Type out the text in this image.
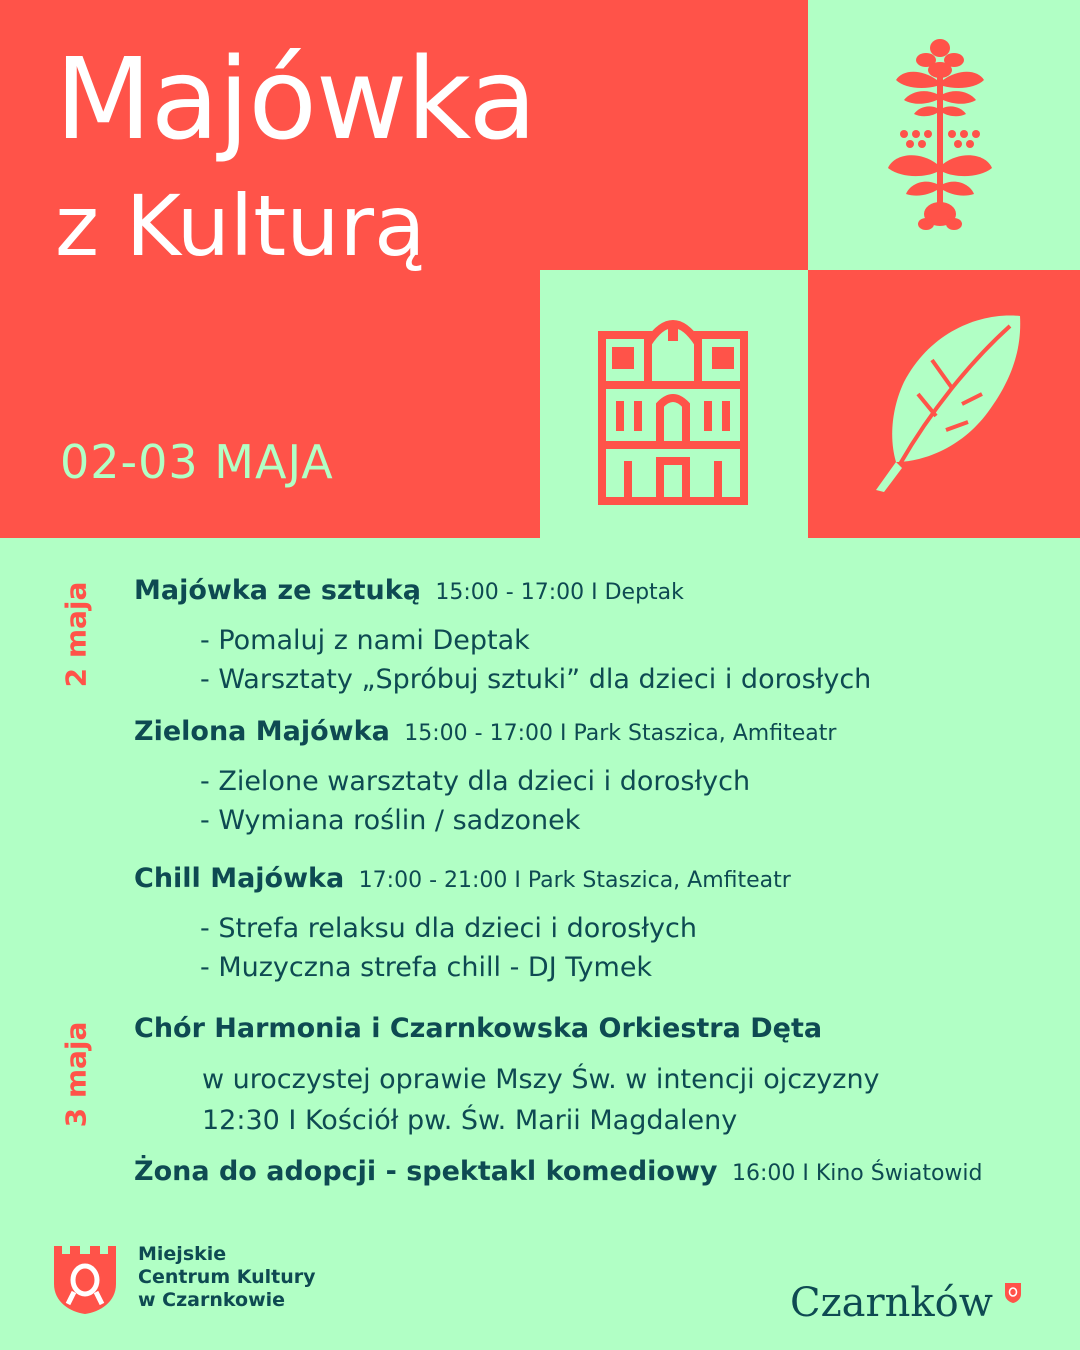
Majówka
z Kulturą
02-03 MAJA
2 maja
3 maja
Majówka ze sztuką 15:00 - 17:00 I Deptak
- Pomaluj z nami Deptak
- Warsztaty „Spróbuj sztuki” dla dzieci i dorosłych
Zielona Majówka 15:00 - 17:00 I Park Staszica, Amfiteatr
- Zielone warsztaty dla dzieci i dorosłych
- Wymiana roślin / sadzonek
Chill Majówka 17:00 - 21:00 I Park Staszica, Amfiteatr
- Strefa relaksu dla dzieci i dorosłych
- Muzyczna strefa chill - DJ Tymek
Chór Harmonia i Czarnkowska Orkiestra Dęta
w uroczystej oprawie Mszy Św. w intencji ojczyzny
12:30 I Kościół pw. Św. Marii Magdaleny
Żona do adopcji - spektakl komediowy 16:00 I Kino Światowid
Miejskie
Centrum Kultury
w Czarnkowie	Czarnków
